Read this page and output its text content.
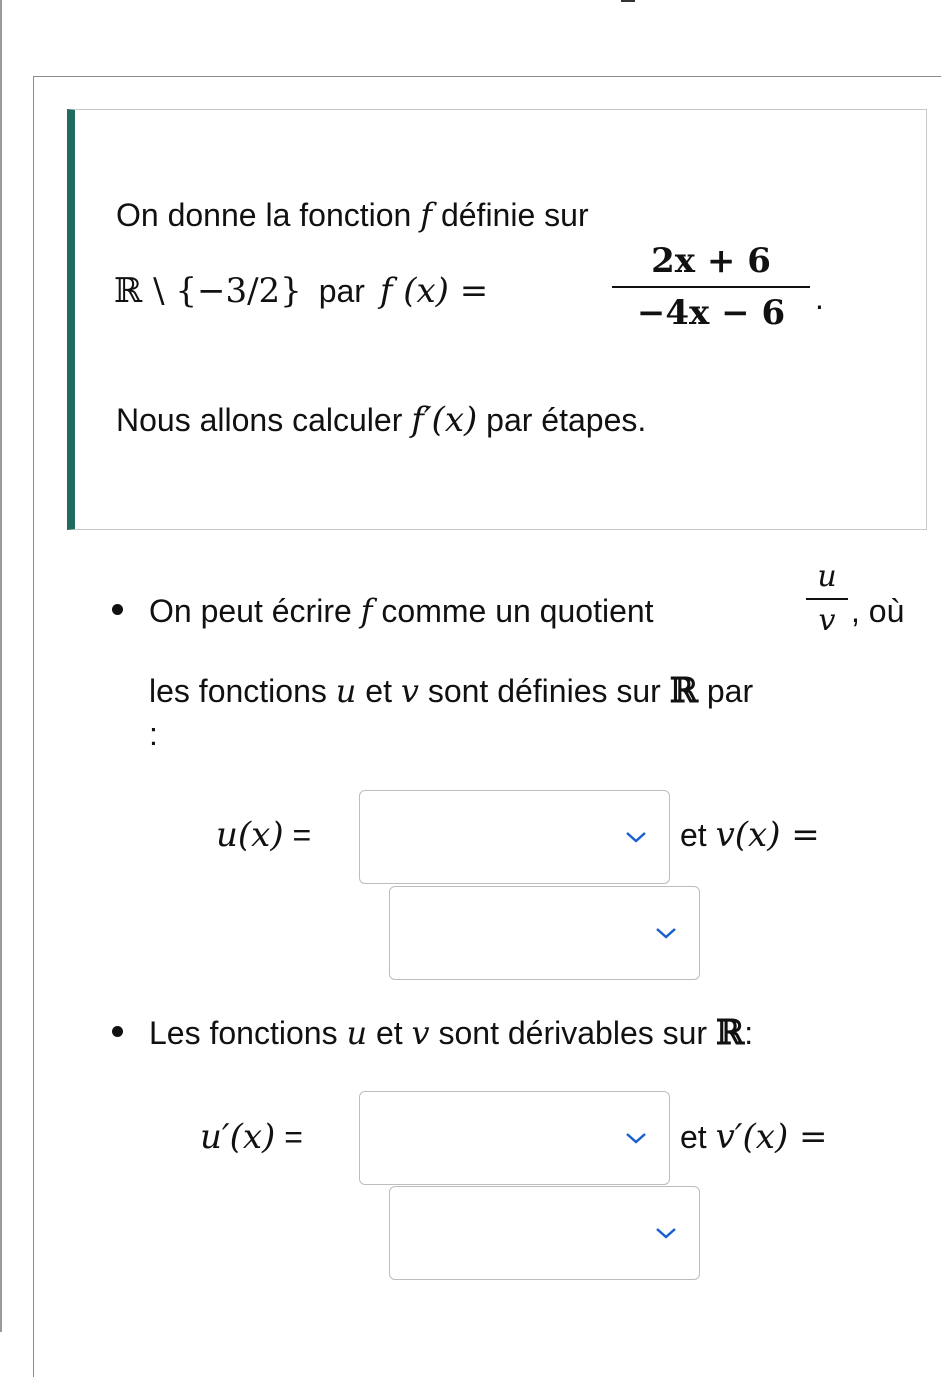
On donne la fonction f définie sur
ℝ \ {−3/2} par f (x) =
2x + 6
−4x − 6 .
Nous allons calculer f′(x) par étapes.
On peut écrire f comme un quotient
u
v , où
les fonctions u et v sont définies sur ℝ par
:
u(x) =	et v(x) =
Les fonctions u et v sont dérivables sur ℝ:
u′(x) =	et v′(x) =
